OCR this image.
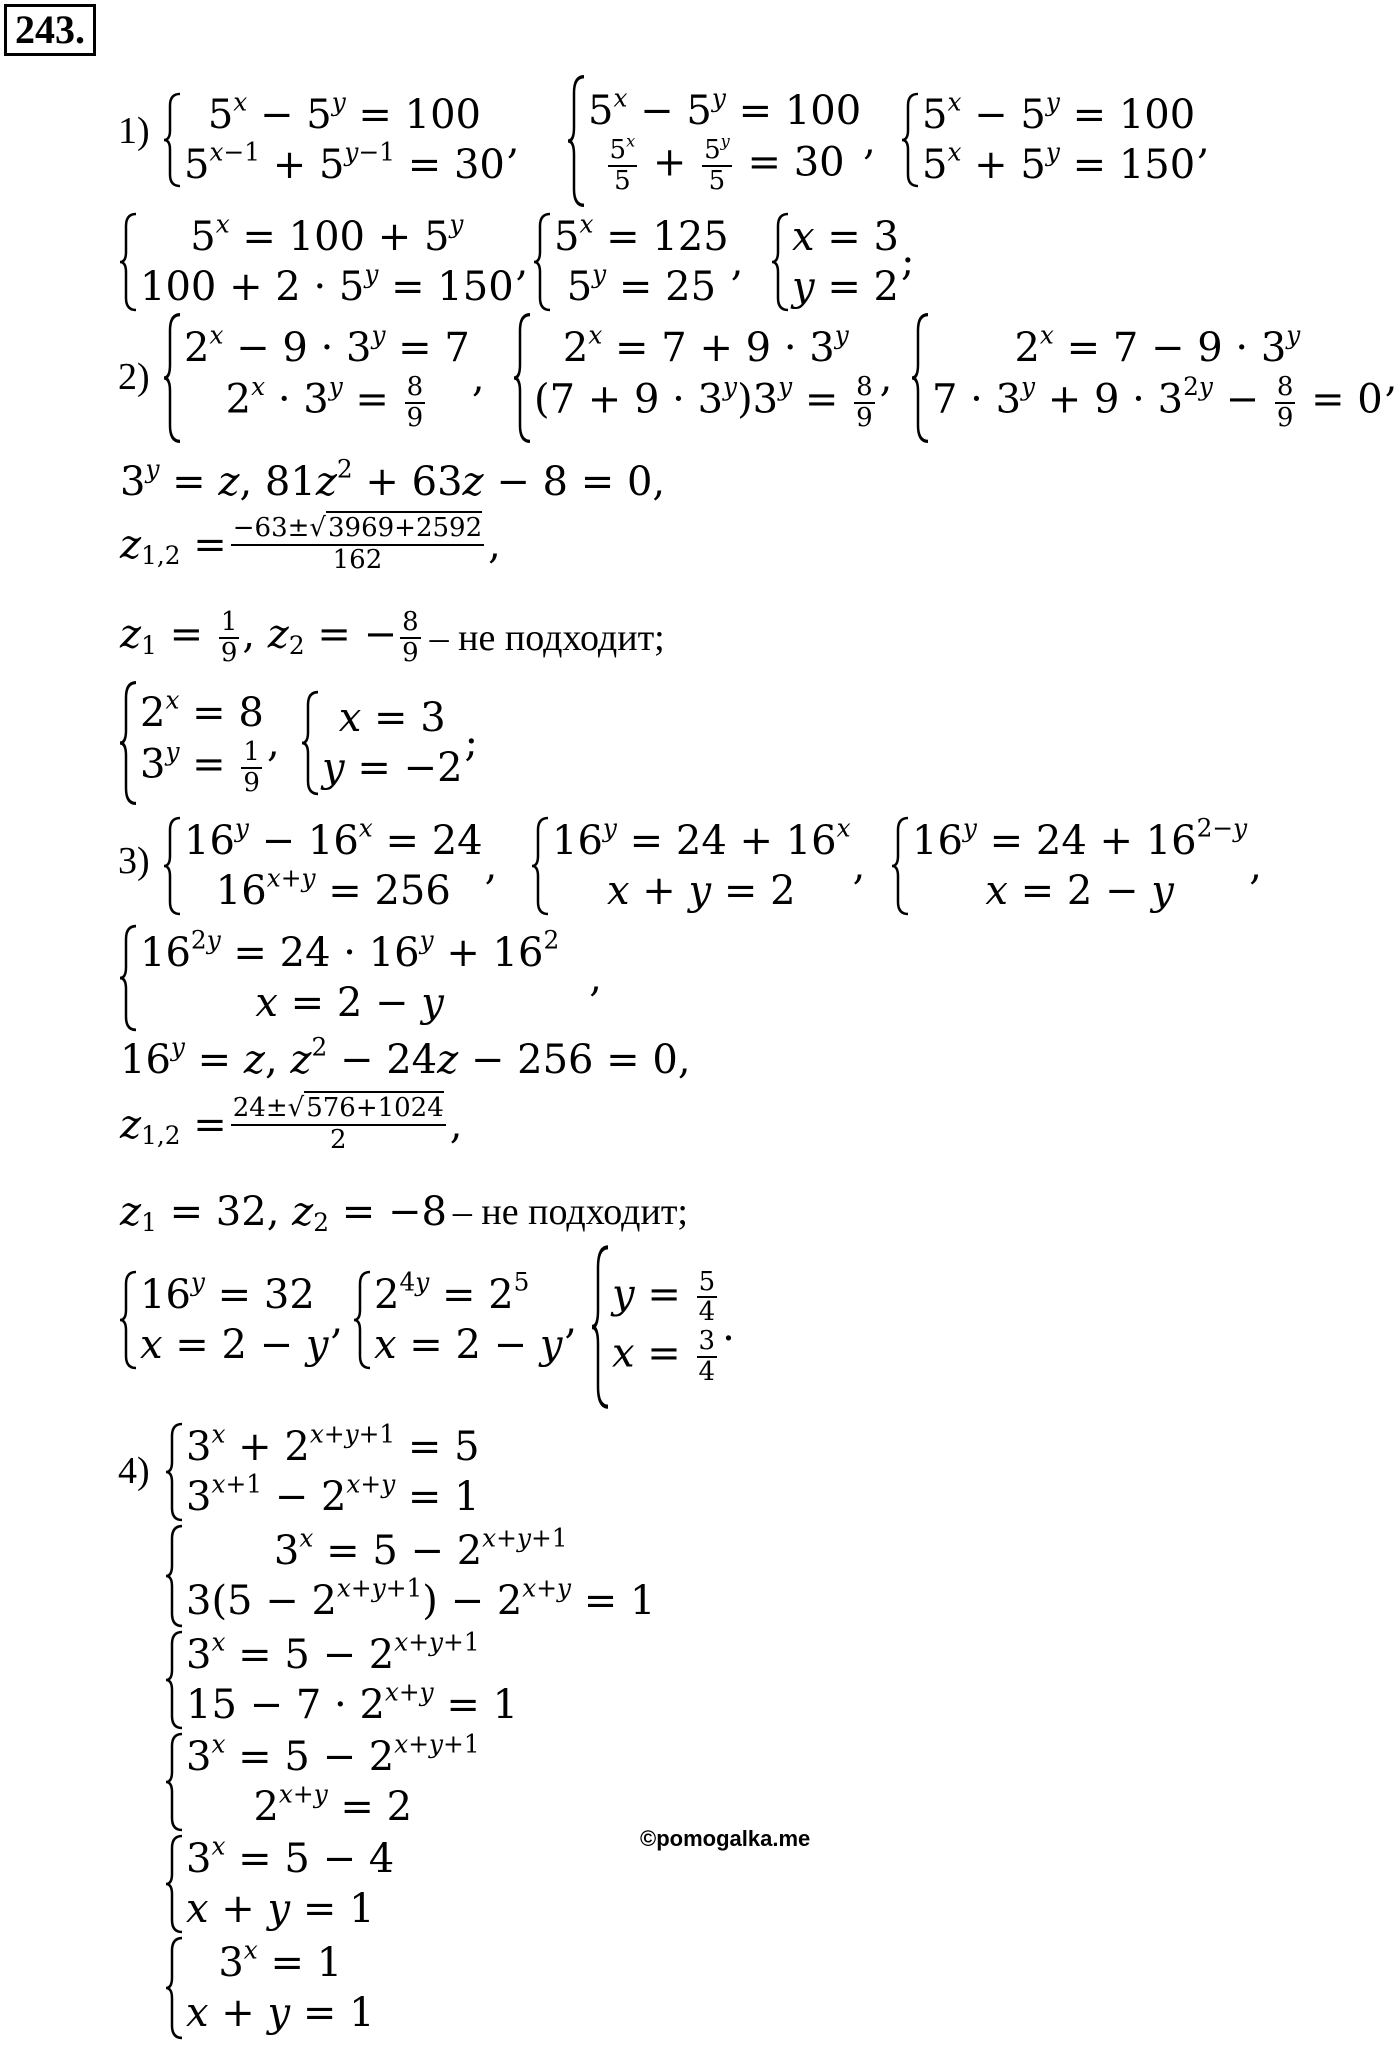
243.
1)	$5^x - 5^y = 100$
$5^{x-1} + 5^{y-1} = 30$
,
$5^x - 5^y = 100$
$\frac{5^x}{5} + \frac{5^y}{5} = 30$ ,
$5^x - 5^y = 100$
$5^x + 5^y = 150$
,
$5^x = 100 + 5^y$
$100 + 2 \cdot 5^y = 150$
,
$5^x = 125$
$5^y = 25$
,
x = 3
y = 2
;
2)
$2^x - 9 \cdot 3^y = 7$
$2^x \cdot 3^y = \frac{8}{9}$ ,
$2^x = 7 + 9 \cdot 3^y$
$(7 + 9 \cdot 3^y)3^y = \frac{8}{9}$ ,
$2^x = 7 - 9 \cdot 3^y$
$7 \cdot 3^y + 9 \cdot 3^{2y} - \frac{8}{9} = 0$ ,
$3^y = z$, $81z^2 + 63z - 8 = 0$,
$z_{1,2} = \frac{-63\pm√3969+2592}{162}$ ,
$z_1 = \frac{1}{9}$ , $z_2$ = − $\frac{8}{9}$ – не подходит;
$2^x = 8$
$3^y = \frac{1}{9}$ ,
x = 3
y = −2
;
3) $16^y - 16^x = 24$
$16^{x+y} = 256$
,
$16^y = 24 + 16^x$
x + y = 2
,
$16^y = 24 + 16^{2-y}$
x = 2 − y
,
$16^{2y} = 24 \cdot 16^y + 16^2$
x = 2 − y
,
$16^y = z$, $z^2 - 24z - 256 = 0$,
$z_{1,2} = \frac{24\pm√576+1024}{2}$ ,
$z_1 = 32$, $z_2 = -8$ – не подходит;
$16^y = 32$
x = 2 − y
,
$2^{4y} = 2^5$
x = 2 − y
,
$y = \frac{5}{4}$
$x = \frac{3}{4}$ .
4)
$3^x + 2^{x+y+1} = 5$
$3^{x+1} - 2^{x+y} = 1$
$3^x = 5 - 2^{x+y+1}$
$3(5 - 2^{x+y+1}) - 2^{x+y} = 1$
$3^x = 5 - 2^{x+y+1}$
$15 - 7 \cdot 2^{x+y} = 1$
$3^x = 5 - 2^{x+y+1}$
$2^{x+y} = 2$
$3^x = 5 - 4$
x + y = 1
$3^x = 1$
x + y = 1
©pomogalka.me
